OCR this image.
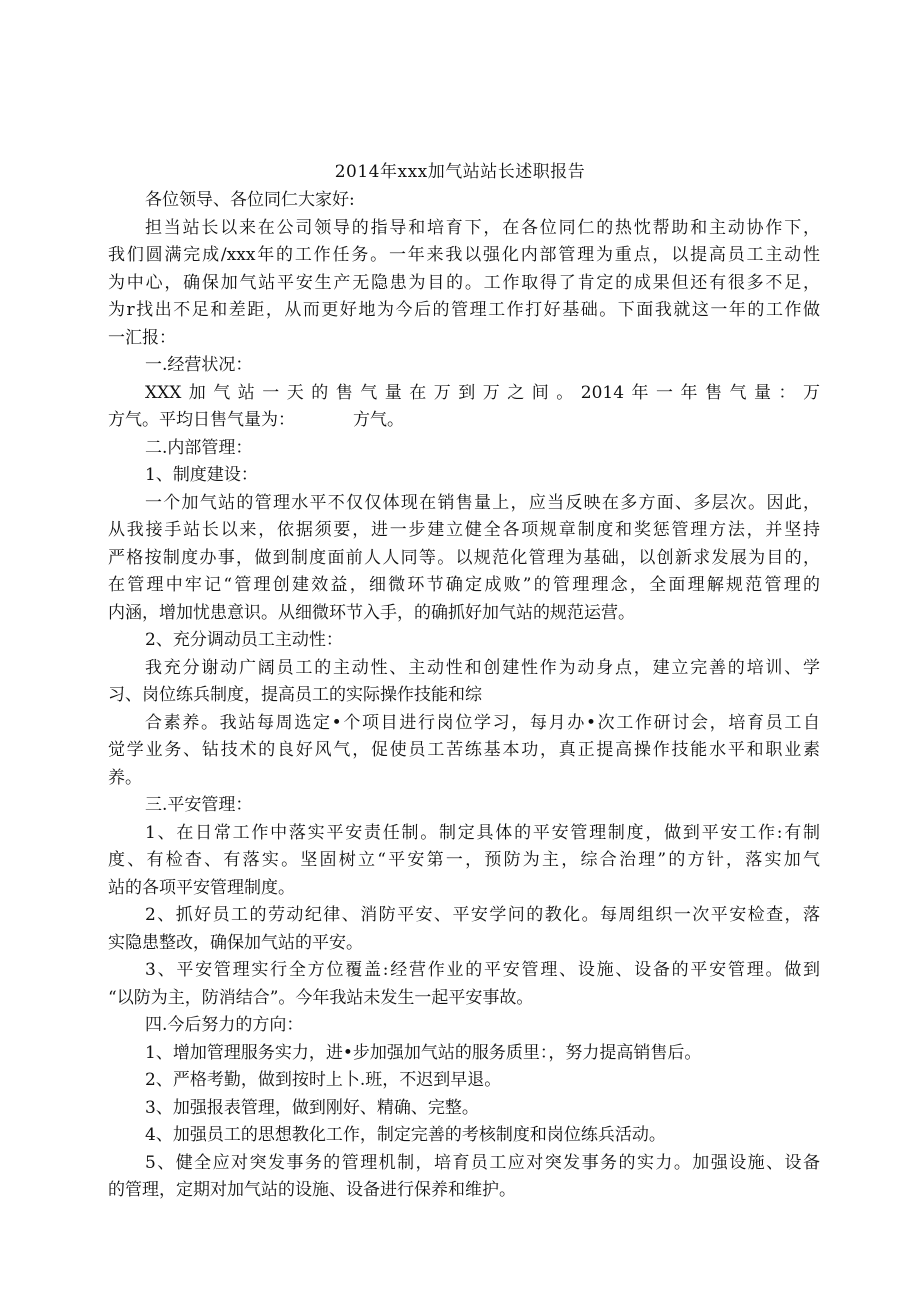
2014年xxx加气站站长述职报告
各位领导、各位同仁大家好:
担当站长以来在公司领导的指导和培育下，在各位同仁的热忱帮助和主动协作下，
我们圆满完成/xxx年的工作任务。一年来我以强化内部管理为重点，以提高员工主动性
为中心，确保加气站平安生产无隐患为目的。工作取得了肯定的成果但还有很多不足，
为r找出不足和差距，从而更好地为今后的管理工作打好基础。下面我就这一年的工作做
一汇报：
一.经营状况：
XXX加气站一天的售气量在万到万之间。2014年一年售气量：万
方气。平均日售气量为：	方气。
二.内部管理：
1、制度建设：
一个加气站的管理水平不仅仅体现在销售量上，应当反映在多方面、多层次。因此，
从我接手站长以来，依据须要，进一步建立健全各项规章制度和奖惩管理方法，并坚持
严格按制度办事，做到制度面前人人同等。以规范化管理为基础，以创新求发展为目的，
在管理中牢记“管理创建效益，细微环节确定成败”的管理理念，全面理解规范管理的
内涵，增加忧患意识。从细微环节入手，的确抓好加气站的规范运营。
2、充分调动员工主动性：
我充分谢动广阔员工的主动性、主动性和创建性作为动身点，建立完善的培训、学
习、岗位练兵制度，提高员工的实际操作技能和综
合素养。我站每周选定•个项目进行岗位学习，每月办•次工作研讨会，培育员工自
觉学业务、钻技术的良好风气，促使员工苦练基本功，真正提高操作技能水平和职业素
养。
三.平安管理：
1、在日常工作中落实平安责任制。制定具体的平安管理制度，做到平安工作:有制
度、有检杳、有落实。坚固树立“平安第一，预防为主，综合治理”的方针，落实加气
站的各项平安管理制度。
2、抓好员工的劳动纪律、消防平安、平安学问的教化。每周组织一次平安检查，落
实隐患整改，确保加气站的平安。
3、平安管理实行全方位覆盖:经营作业的平安管理、设施、设备的平安管理。做到
“以防为主，防消结合”。今年我站未发生一起平安事故。
四.今后努力的方向：
1、增加管理服务实力，进•步加强加气站的服务质里：，努力提高销售后。
2、严格考勤，做到按时上卜.班，不迟到早退。
3、加强报表管理，做到刚好、精确、完整。
4、加强员工的思想教化工作，制定完善的考核制度和岗位练兵活动。
5、健全应对突发事务的管理机制，培育员工应对突发事务的实力。加强设施、设备
的管理，定期对加气站的设施、设备进行保养和维护。
